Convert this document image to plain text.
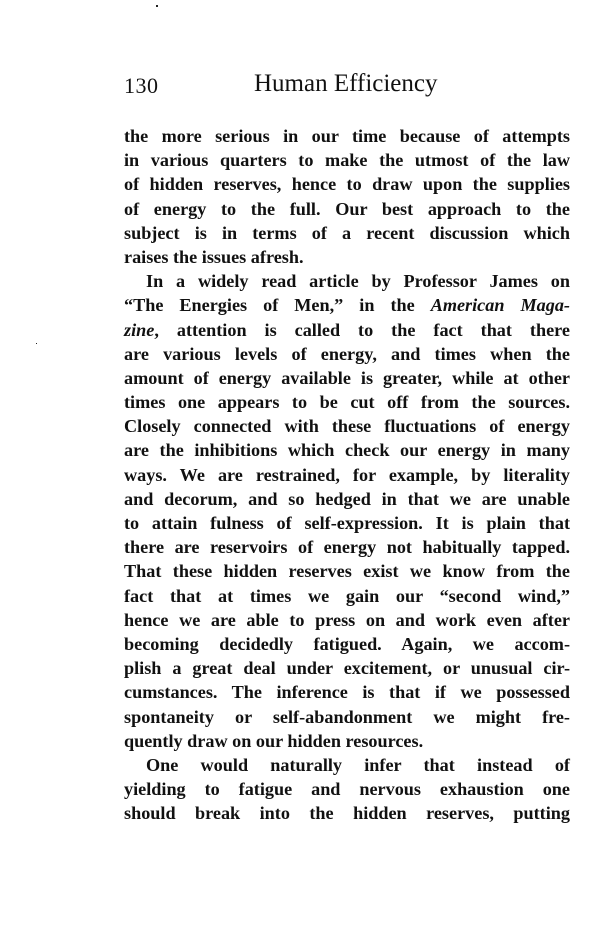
130	Human Efficiency
the more serious in our time because of attempts
in various quarters to make the utmost of the law
of hidden reserves, hence to draw upon the supplies
of energy to the full. Our best approach to the
subject is in terms of a recent discussion which
raises the issues afresh.
In a widely read article by Professor James on
“The Energies of Men,” in the American Maga-
zine, attention is called to the fact that there
are various levels of energy, and times when the
amount of energy available is greater, while at other
times one appears to be cut off from the sources.
Closely connected with these fluctuations of energy
are the inhibitions which check our energy in many
ways. We are restrained, for example, by literality
and decorum, and so hedged in that we are unable
to attain fulness of self-expression. It is plain that
there are reservoirs of energy not habitually tapped.
That these hidden reserves exist we know from the
fact that at times we gain our “second wind,”
hence we are able to press on and work even after
becoming decidedly fatigued. Again, we accom-
plish a great deal under excitement, or unusual cir-
cumstances. The inference is that if we possessed
spontaneity or self-abandonment we might fre-
quently draw on our hidden resources.
One would naturally infer that instead of
yielding to fatigue and nervous exhaustion one
should break into the hidden reserves, putting
